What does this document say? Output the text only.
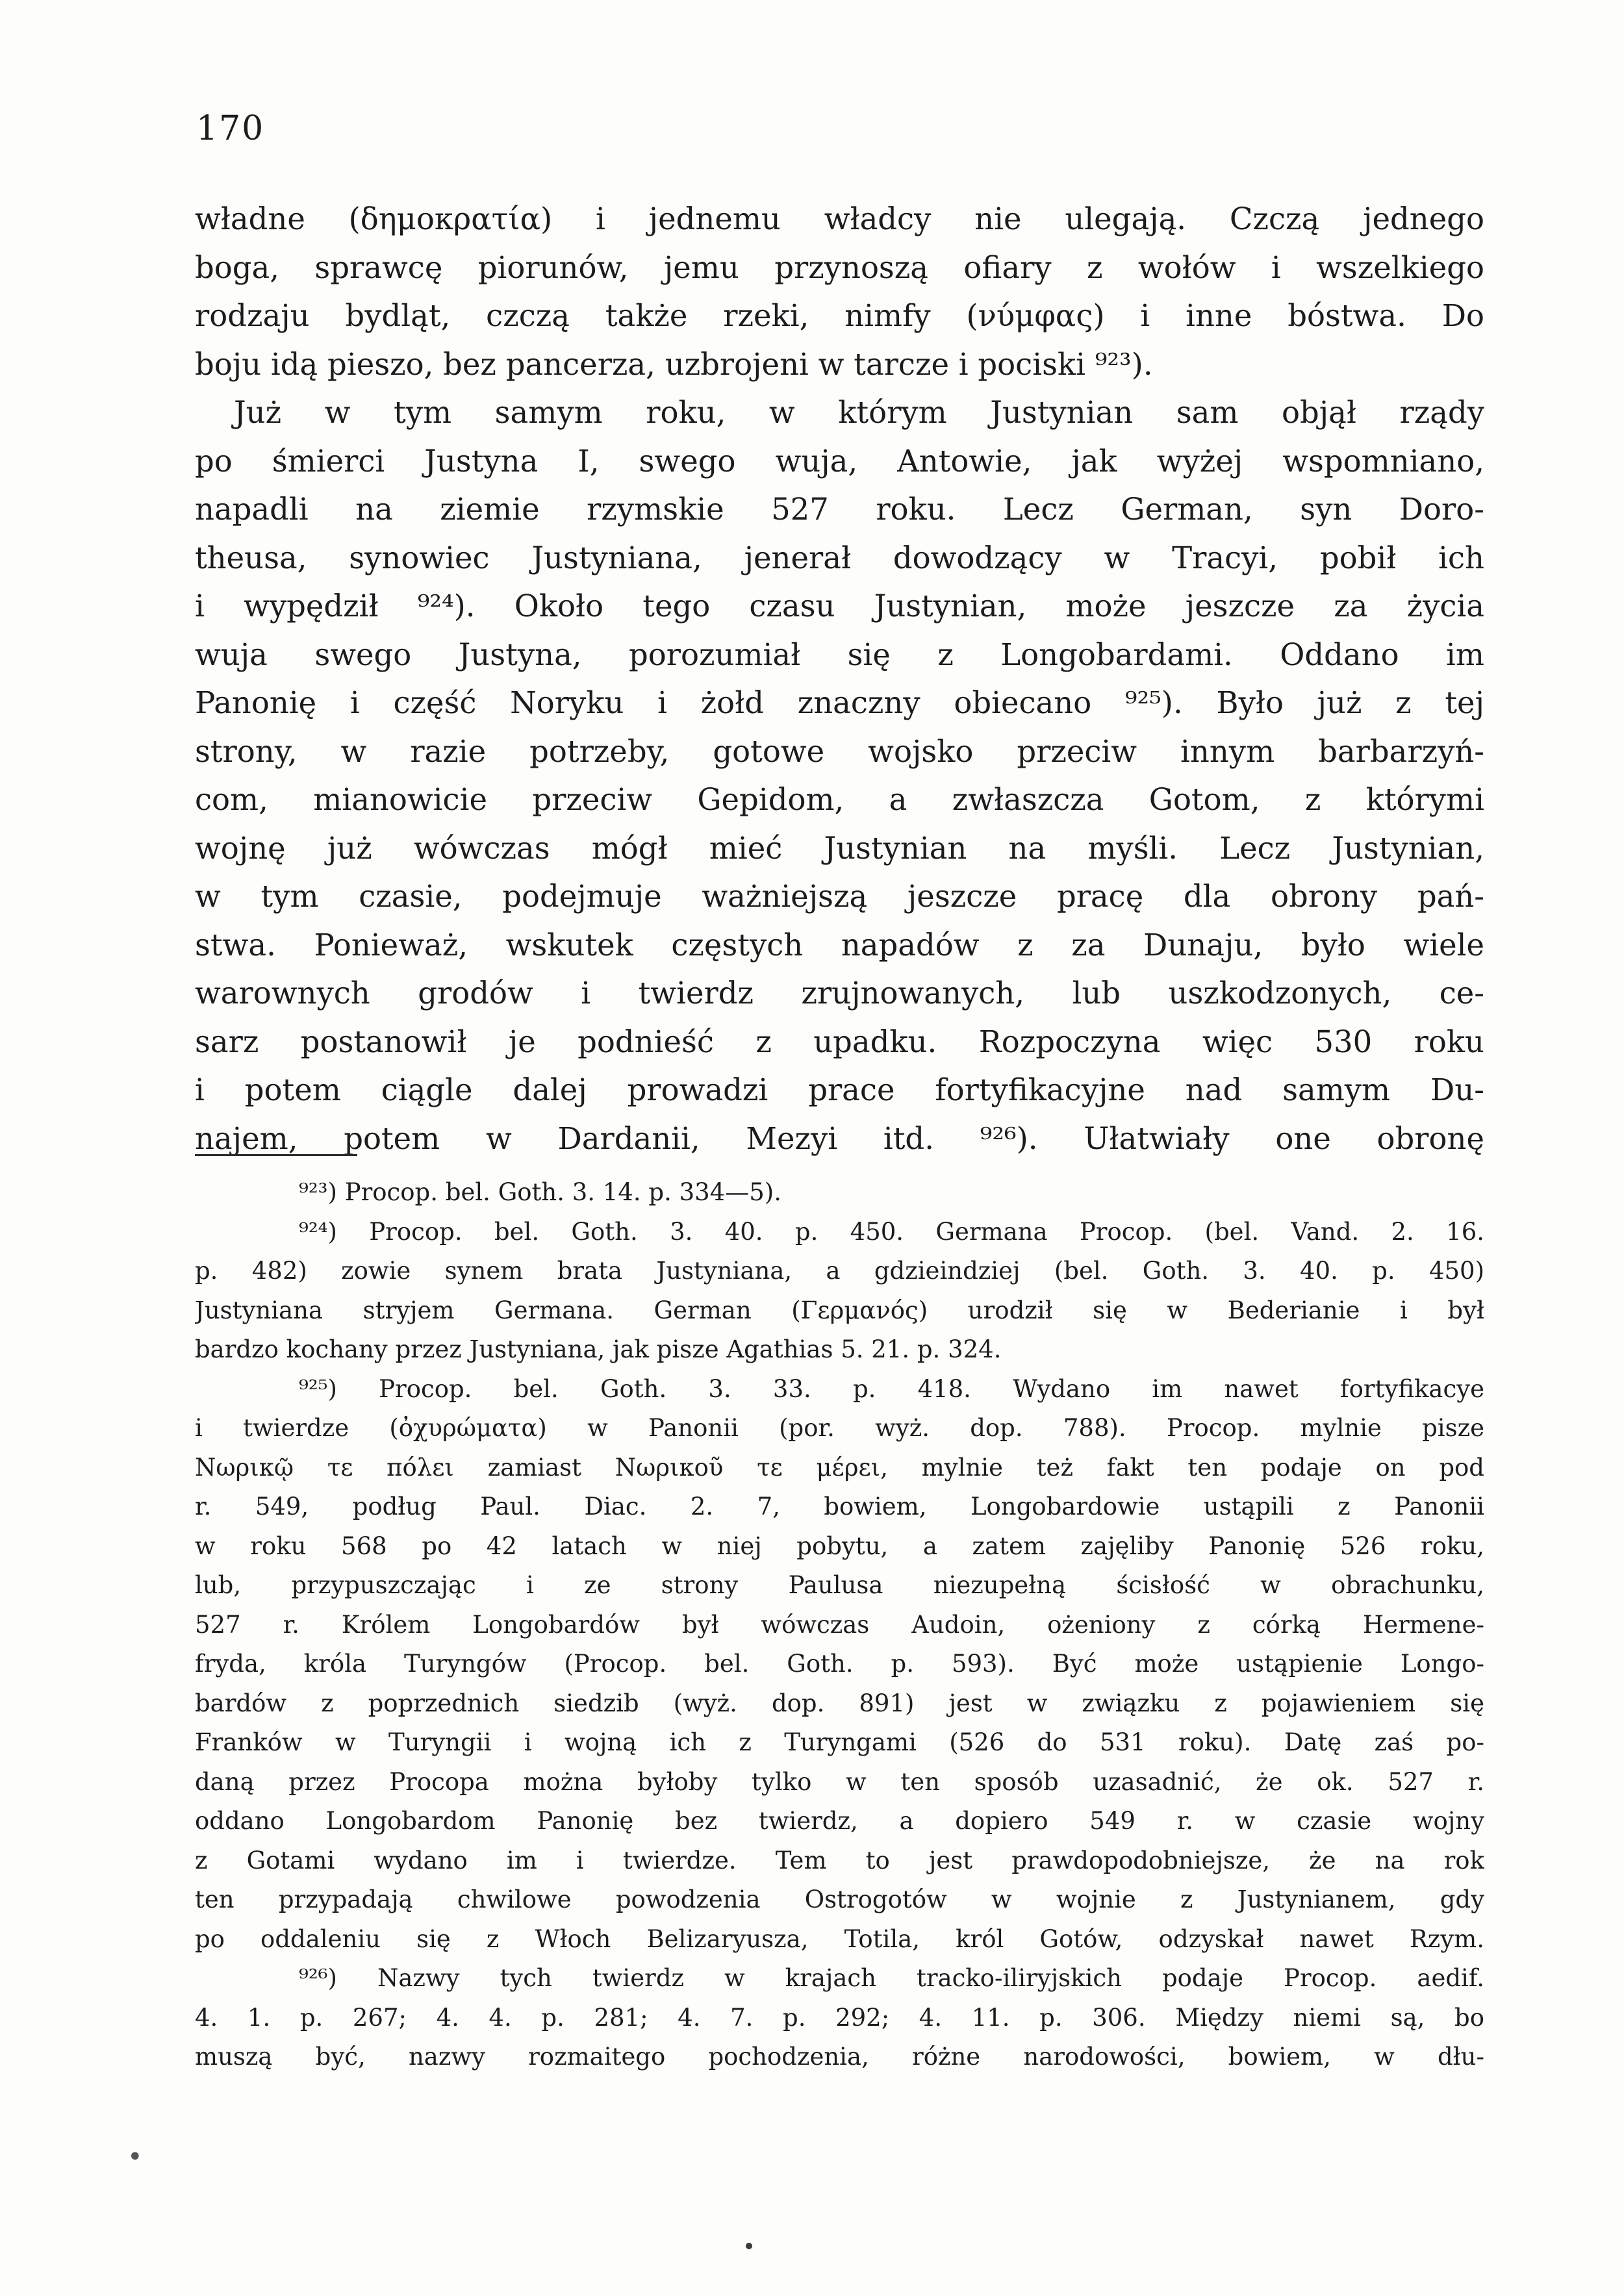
170
władne (δημοκρατία) i jednemu władcy nie ulegają. Czczą jednego
boga, sprawcę piorunów, jemu przynoszą ofiary z wołów i wszelkiego
rodzaju bydląt, czczą także rzeki, nimfy (νύμφας) i inne bóstwa. Do
boju idą pieszo, bez pancerza, uzbrojeni w tarcze i pociski ⁹²³).
Już w tym samym roku, w którym Justynian sam objął rządy
po śmierci Justyna I, swego wuja, Antowie, jak wyżej wspomniano,
napadli na ziemie rzymskie 527 roku. Lecz German, syn Doro-
theusa, synowiec Justyniana, jenerał dowodzący w Tracyi, pobił ich
i wypędził ⁹²⁴). Około tego czasu Justynian, może jeszcze za życia
wuja swego Justyna, porozumiał się z Longobardami. Oddano im
Panonię i część Noryku i żołd znaczny obiecano ⁹²⁵). Było już z tej
strony, w razie potrzeby, gotowe wojsko przeciw innym barbarzyń-
com, mianowicie przeciw Gepidom, a zwłaszcza Gotom, z którymi
wojnę już wówczas mógł mieć Justynian na myśli. Lecz Justynian,
w tym czasie, podejmuje ważniejszą jeszcze pracę dla obrony pań-
stwa. Ponieważ, wskutek częstych napadów z za Dunaju, było wiele
warownych grodów i twierdz zrujnowanych, lub uszkodzonych, ce-
sarz postanowił je podnieść z upadku. Rozpoczyna więc 530 roku
i potem ciągle dalej prowadzi prace fortyfikacyjne nad samym Du-
najem, potem w Dardanii, Mezyi itd. ⁹²⁶). Ułatwiały one obronę
⁹²³) Procop. bel. Goth. 3. 14. p. 334—5).
⁹²⁴) Procop. bel. Goth. 3. 40. p. 450. Germana Procop. (bel. Vand. 2. 16.
p. 482) zowie synem brata Justyniana, a gdzieindziej (bel. Goth. 3. 40. p. 450)
Justyniana stryjem Germana. German (Γερμανός) urodził się w Bederianie i był
bardzo kochany przez Justyniana, jak pisze Agathias 5. 21. p. 324.
⁹²⁵) Procop. bel. Goth. 3. 33. p. 418. Wydano im nawet fortyfikacye
i twierdze (ὀχυρώματα) w Panonii (por. wyż. dop. 788). Procop. mylnie pisze
Νωρικῷ τε πόλει zamiast Νωρικοῦ τε μέρει, mylnie też fakt ten podaje on pod
r. 549, podług Paul. Diac. 2. 7, bowiem, Longobardowie ustąpili z Panonii
w roku 568 po 42 latach w niej pobytu, a zatem zajęliby Panonię 526 roku,
lub, przypuszczając i ze strony Paulusa niezupełną ścisłość w obrachunku,
527 r. Królem Longobardów był wówczas Audoin, ożeniony z córką Hermene-
fryda, króla Turyngów (Procop. bel. Goth. p. 593). Być może ustąpienie Longo-
bardów z poprzednich siedzib (wyż. dop. 891) jest w związku z pojawieniem się
Franków w Turyngii i wojną ich z Turyngami (526 do 531 roku). Datę zaś po-
daną przez Procopa można byłoby tylko w ten sposób uzasadnić, że ok. 527 r.
oddano Longobardom Panonię bez twierdz, a dopiero 549 r. w czasie wojny
z Gotami wydano im i twierdze. Tem to jest prawdopodobniejsze, że na rok
ten przypadają chwilowe powodzenia Ostrogotów w wojnie z Justynianem, gdy
po oddaleniu się z Włoch Belizaryusza, Totila, król Gotów, odzyskał nawet Rzym.
⁹²⁶) Nazwy tych twierdz w krajach tracko-iliryjskich podaje Procop. aedif.
4. 1. p. 267; 4. 4. p. 281; 4. 7. p. 292; 4. 11. p. 306. Między niemi są, bo
muszą być, nazwy rozmaitego pochodzenia, różne narodowości, bowiem, w dłu-
•
